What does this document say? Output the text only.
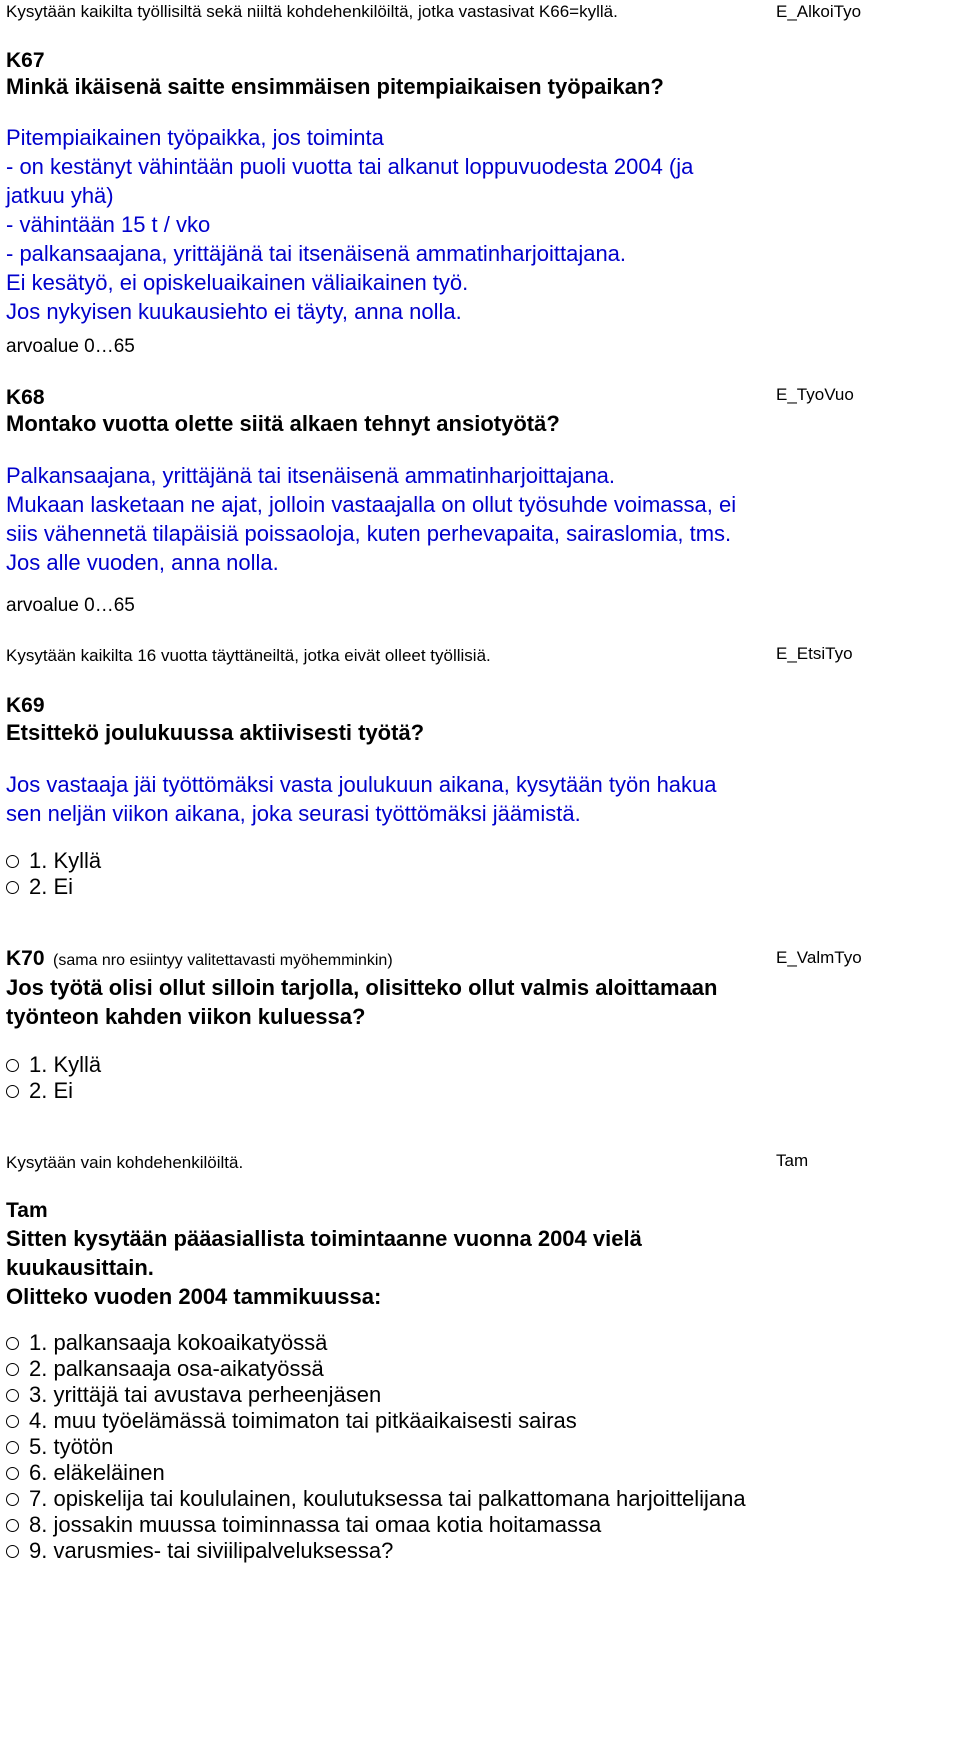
Kysytään kaikilta työllisiltä sekä niiltä kohdehenkilöiltä, jotka vastasivat K66=kyllä.	E_AlkoiTyo
K67
Minkä ikäisenä saitte ensimmäisen pitempiaikaisen työpaikan?
Pitempiaikainen työpaikka, jos toiminta
- on kestänyt vähintään puoli vuotta tai alkanut loppuvuodesta 2004 (ja
jatkuu yhä)
- vähintään 15 t / vko
- palkansaajana, yrittäjänä tai itsenäisenä ammatinharjoittajana.
Ei kesätyö, ei opiskeluaikainen väliaikainen työ.
Jos nykyisen kuukausiehto ei täyty, anna nolla.
arvoalue 0…65
K68	E_TyoVuo
Montako vuotta olette siitä alkaen tehnyt ansiotyötä?
Palkansaajana, yrittäjänä tai itsenäisenä ammatinharjoittajana.
Mukaan lasketaan ne ajat, jolloin vastaajalla on ollut työsuhde voimassa, ei
siis vähennetä tilapäisiä poissaoloja, kuten perhevapaita, sairaslomia, tms.
Jos alle vuoden, anna nolla.
arvoalue 0…65
Kysytään kaikilta 16 vuotta täyttäneiltä, jotka eivät olleet työllisiä.	E_EtsiTyo
K69
Etsittekö joulukuussa aktiivisesti työtä?
Jos vastaaja jäi työttömäksi vasta joulukuun aikana, kysytään työn hakua
sen neljän viikon aikana, joka seurasi työttömäksi jäämistä.
1. Kyllä
2. Ei
K70 (sama nro esiintyy valitettavasti myöhemminkin)	E_ValmTyo
Jos työtä olisi ollut silloin tarjolla, olisitteko ollut valmis aloittamaan
työnteon kahden viikon kuluessa?
1. Kyllä
2. Ei
Kysytään vain kohdehenkilöiltä.	Tam
Tam
Sitten kysytään pääasiallista toimintaanne vuonna 2004 vielä
kuukausittain.
Olitteko vuoden 2004 tammikuussa:
1. palkansaaja kokoaikatyössä
2. palkansaaja osa-aikatyössä
3. yrittäjä tai avustava perheenjäsen
4. muu työelämässä toimimaton tai pitkäaikaisesti sairas
5. työtön
6. eläkeläinen
7. opiskelija tai koululainen, koulutuksessa tai palkattomana harjoittelijana
8. jossakin muussa toiminnassa tai omaa kotia hoitamassa
9. varusmies- tai siviilipalveluksessa?
